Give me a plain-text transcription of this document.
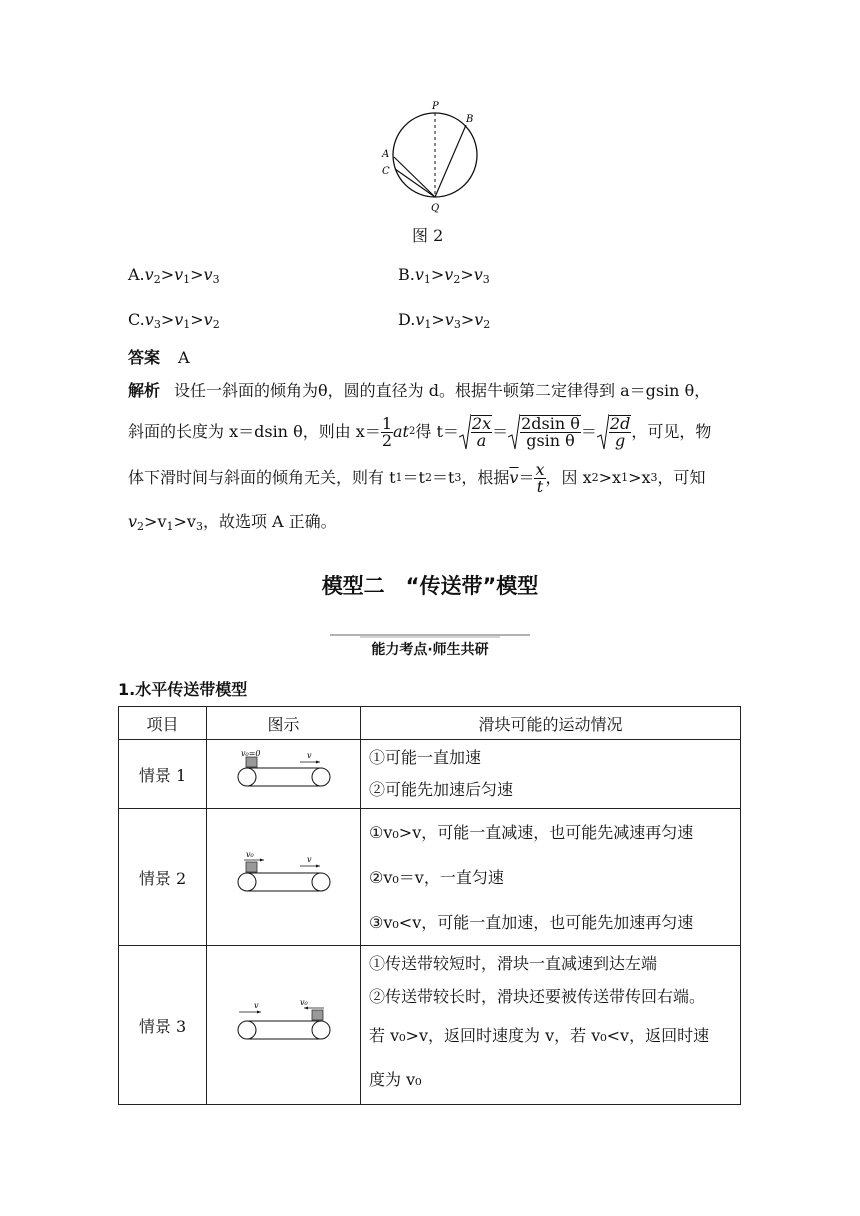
P
B
A
C
Q
图 2
$A.v_2>v_1>v_3$	$B.v_1>v_2>v_3$
$C.v_3>v_1>v_2$	$D.v_1>v_3>v_2$
答案 A
解析 设任一斜面的倾角为θ，圆的直径为 d。根据牛顿第二定律得到 a＝gsin θ，
斜面的长度为 x＝dsin θ，则由 $x= \frac{1}{2}$ at 2 得 $t= \frac{2x}{a} = \frac{\text{2dsin θ}}{\text{gsin θ}} = \frac{2d}{g}$ ，可见，物
体下滑时间与斜面的倾角无关，则有 t 1 ＝t 2 ＝t 3 ，根据 $\overline{v} = \frac{x}{t}$ ，因 x 2 >x 1 >x 3 ，可知
$v_2>v_1>v_3$，故选项 A 正确。
模型二　“传送带”模型
能力考点·师生共研
1.水平传送带模型
项目	图示	滑块可能的运动情况
情景 1	v₀=0 v	①可能一直加速
②可能先加速后匀速

情景 2	v₀
v	①v₀>v，可能一直减速，也可能先减速再匀速
②v₀＝v，一直匀速
③v₀<v，可能一直加速，也可能先加速再匀速

情景 3	v v₀	①传送带较短时，滑块一直减速到达左端
②传送带较长时，滑块还要被传送带传回右端。
若 v₀>v，返回时速度为 v，若 v₀<v，返回时速
度为 v₀
